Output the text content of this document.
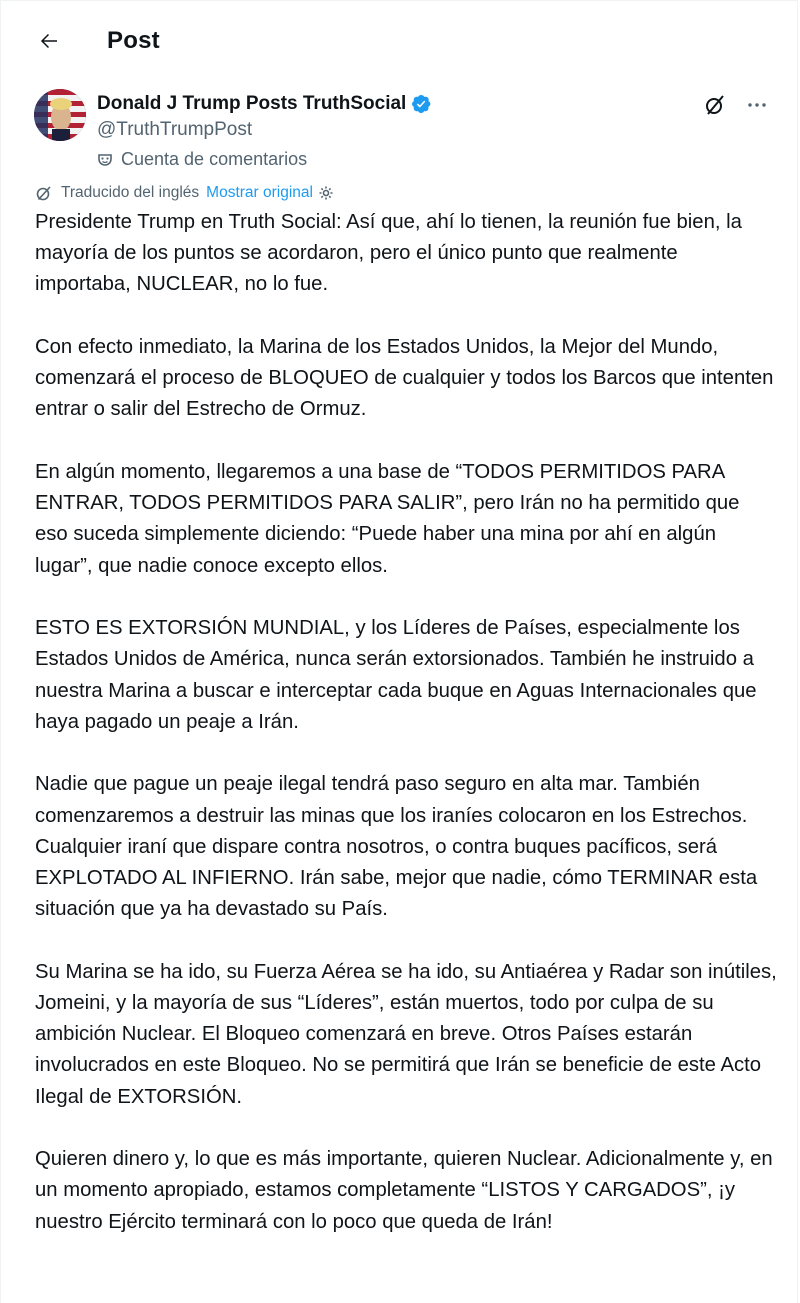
Post
Donald J Trump Posts TruthSocial
@TruthTrumpPost
Cuenta de comentarios
Traducido del inglés Mostrar original

Presidente Trump en Truth Social: Así que, ahí lo tienen, la reunión fue bien, la mayoría de los puntos se acordaron, pero el único punto que realmente importaba, NUCLEAR, no lo fue.

Con efecto inmediato, la Marina de los Estados Unidos, la Mejor del Mundo, comenzará el proceso de BLOQUEO de cualquier y todos los Barcos que intenten entrar o salir del Estrecho de Ormuz.

En algún momento, llegaremos a una base de “TODOS PERMITIDOS PARA ENTRAR, TODOS PERMITIDOS PARA SALIR”, pero Irán no ha permitido que eso suceda simplemente diciendo: “Puede haber una mina por ahí en algún lugar”, que nadie conoce excepto ellos.

ESTO ES EXTORSIÓN MUNDIAL, y los Líderes de Países, especialmente los Estados Unidos de América, nunca serán extorsionados. También he instruido a nuestra Marina a buscar e interceptar cada buque en Aguas Internacionales que haya pagado un peaje a Irán.

Nadie que pague un peaje ilegal tendrá paso seguro en alta mar. También comenzaremos a destruir las minas que los iraníes colocaron en los Estrechos. Cualquier iraní que dispare contra nosotros, o contra buques pacíficos, será EXPLOTADO AL INFIERNO. Irán sabe, mejor que nadie, cómo TERMINAR esta situación que ya ha devastado su País.

Su Marina se ha ido, su Fuerza Aérea se ha ido, su Antiaérea y Radar son inútiles, Jomeini, y la mayoría de sus “Líderes”, están muertos, todo por culpa de su ambición Nuclear. El Bloqueo comenzará en breve. Otros Países estarán involucrados en este Bloqueo. No se permitirá que Irán se beneficie de este Acto Ilegal de EXTORSIÓN.

Quieren dinero y, lo que es más importante, quieren Nuclear. Adicionalmente y, en un momento apropiado, estamos completamente “LISTOS Y CARGADOS”, ¡y nuestro Ejército terminará con lo poco que queda de Irán!
